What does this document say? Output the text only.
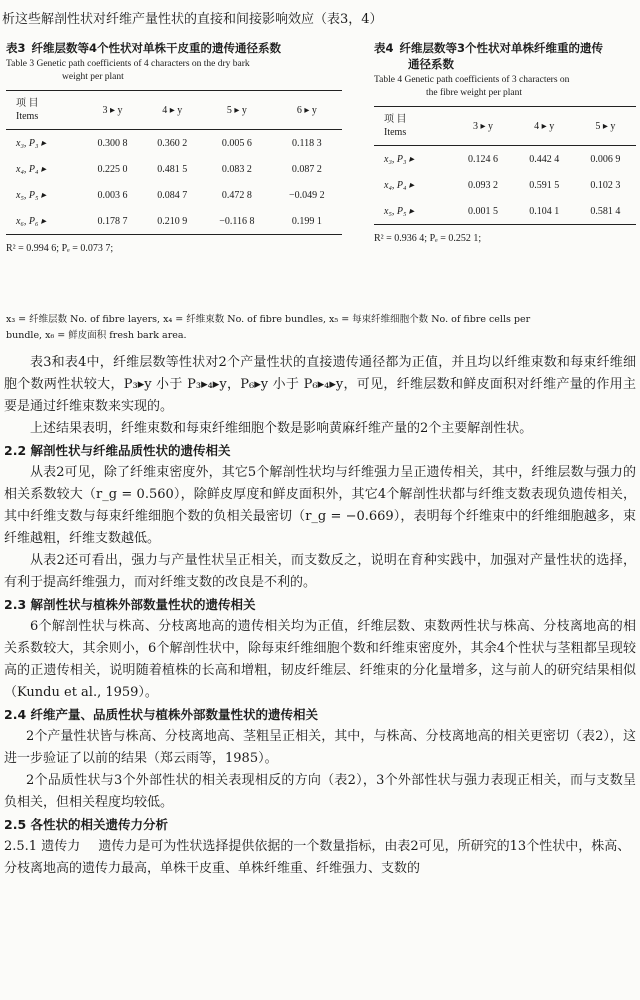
析这些解剖性状对纤维产量性状的直接和间接影响效应（表3，4）
表3 纤维层数等4个性状对单株干皮重的遗传通径系数
Table 3 Genetic path coefficients of 4 characters on the dry bark
weight per plant
项 目
Items	3 ▸ y	4 ▸ y	5 ▸ y	6 ▸ y
x₃, P₃ ▸	0.300 8	0.360 2	0.005 6	0.118 3
x₄, P₄ ▸	0.225 0	0.481 5	0.083 2	0.087 2
x₅, P₅ ▸	0.003 6	0.084 7	0.472 8	−0.049 2
x₆, P₆ ▸	0.178 7	0.210 9	−0.116 8	0.199 1
R² = 0.994 6; Pₑ = 0.073 7;
表4 纤维层数等3个性状对单株纤维重的遗传
通径系数
Table 4 Genetic path coefficients of 3 characters on
the fibre weight per plant
项 目
Items	3 ▸ y	4 ▸ y	5 ▸ y
x₃, P₃ ▸	0.124 6	0.442 4	0.006 9
x₄, P₄ ▸	0.093 2	0.591 5	0.102 3
x₅, P₅ ▸	0.001 5	0.104 1	0.581 4
R² = 0.936 4; Pₑ = 0.252 1;
x₃ = 纤维层数 No. of fibre layers, x₄ = 纤维束数 No. of fibre bundles, x₅ = 每束纤维细胞个数 No. of fibre cells per
bundle, x₆ = 鲜皮面积 fresh bark area.

表3和表4中，纤维层数等性状对2个产量性状的直接遗传通径都为正值，并且均以纤维束数和每束纤维细胞个数两性状较大，P₃▸y 小于 P₃▸₄▸y，P₆▸y 小于 P₆▸₄▸y，可见，纤维层数和鲜皮面积对纤维产量的作用主要是通过纤维束数来实现的。

上述结果表明，纤维束数和每束纤维细胞个数是影响黄麻纤维产量的2个主要解剖性状。

2.2 解剖性状与纤维品质性状的遗传相关

从表2可见，除了纤维束密度外，其它5个解剖性状均与纤维强力呈正遗传相关，其中，纤维层数与强力的相关系数较大（r_g = 0.560），除鲜皮厚度和鲜皮面积外，其它4个解剖性状都与纤维支数表现负遗传相关，其中纤维支数与每束纤维细胞个数的负相关最密切（r_g = −0.669），表明每个纤维束中的纤维细胞越多，束纤维越粗，纤维支数越低。

从表2还可看出，强力与产量性状呈正相关，而支数反之，说明在育种实践中，加强对产量性状的选择，有利于提高纤维强力，而对纤维支数的改良是不利的。

2.3 解剖性状与植株外部数量性状的遗传相关

6个解剖性状与株高、分枝离地高的遗传相关均为正值，纤维层数、束数两性状与株高、分枝离地高的相关系数较大，其余则小，6个解剖性状中，除每束纤维细胞个数和纤维束密度外，其余4个性状与茎粗都呈现较高的正遗传相关，说明随着植株的长高和增粗，韧皮纤维层、纤维束的分化量增多，这与前人的研究结果相似（Kundu et al., 1959）。

2.4 纤维产量、品质性状与植株外部数量性状的遗传相关

2个产量性状皆与株高、分枝离地高、茎粗呈正相关，其中，与株高、分枝离地高的相关更密切（表2），这进一步验证了以前的结果（郑云雨等，1985）。

2个品质性状与3个外部性状的相关表现相反的方向（表2），3个外部性状与强力表现正相关，而与支数呈负相关，但相关程度均较低。

2.5 各性状的相关遗传力分析

2.5.1 遗传力 遗传力是可为性状选择提供依据的一个数量指标，由表2可见，所研究的13个性状中，株高、分枝离地高的遗传力最高，单株干皮重、单株纤维重、纤维强力、支数的
